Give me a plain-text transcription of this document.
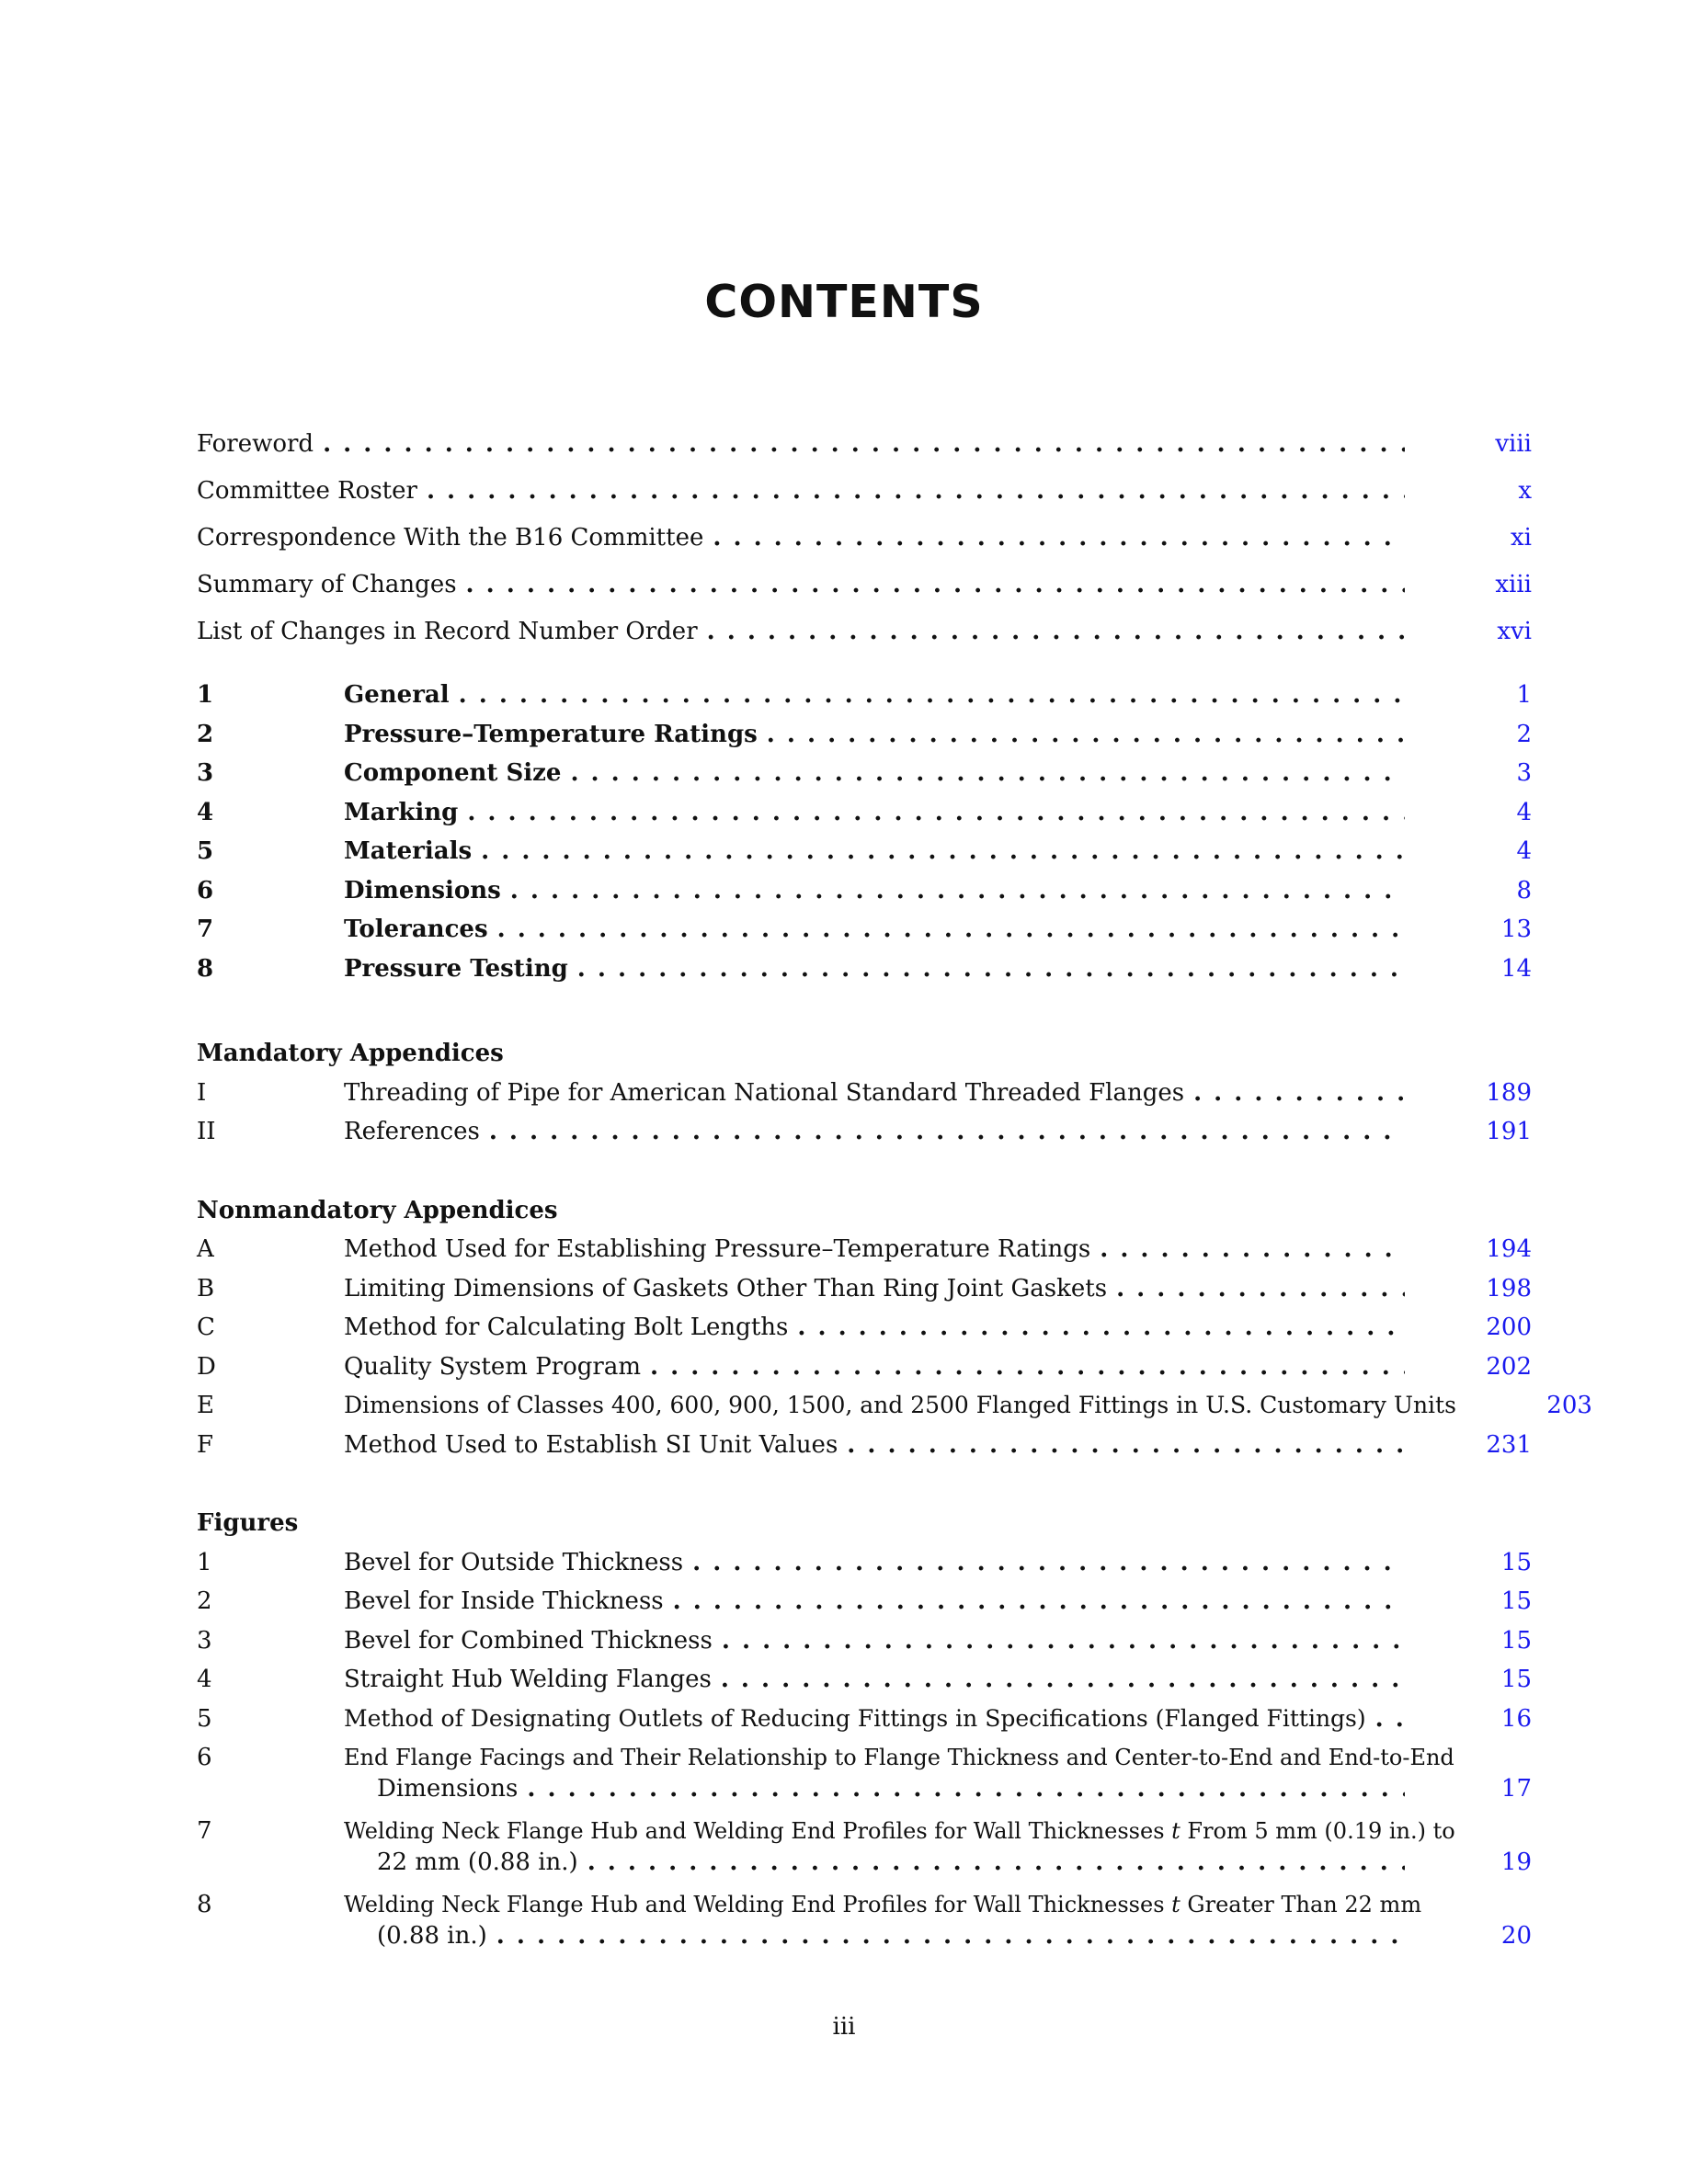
CONTENTS
Foreword . . .	viii
Committee Roster . . .	x
Correspondence With the B16 Committee . . .	xi
Summary of Changes . . .	xiii
List of Changes in Record Number Order . . .	xvi
1	General . . .	1
2	Pressure–Temperature Ratings . . .	2
3	Component Size . . .	3
4	Marking . . .	4
5	Materials . . .	4
6	Dimensions . . .	8
7	Tolerances . . .	13
8	Pressure Testing . . .	14
Mandatory Appendices
I	Threading of Pipe for American National Standard Threaded Flanges . . .	189
II	References . . .	191
Nonmandatory Appendices
A	Method Used for Establishing Pressure–Temperature Ratings . . .	194
B	Limiting Dimensions of Gaskets Other Than Ring Joint Gaskets . . .	198
C	Method for Calculating Bolt Lengths . . .	200
D	Quality System Program . . .	202
E	Dimensions of Classes 400, 600, 900, 1500, and 2500 Flanged Fittings in U.S. Customary Units	203
F	Method Used to Establish SI Unit Values . . .	231
Figures
1	Bevel for Outside Thickness . . .	15
2	Bevel for Inside Thickness . . .	15
3	Bevel for Combined Thickness . . .	15
4	Straight Hub Welding Flanges . . .	15
5	Method of Designating Outlets of Reducing Fittings in Specifications (Flanged Fittings) . . .	16
6	End Flange Facings and Their Relationship to Flange Thickness and Center-to-End and End-to-End
Dimensions . . .	17
7	Welding Neck Flange Hub and Welding End Profiles for Wall Thicknesses t From 5 mm (0.19 in.) to
22 mm (0.88 in.) . . .	19
8	Welding Neck Flange Hub and Welding End Profiles for Wall Thicknesses t Greater Than 22 mm
(0.88 in.) . . .	20
iii
